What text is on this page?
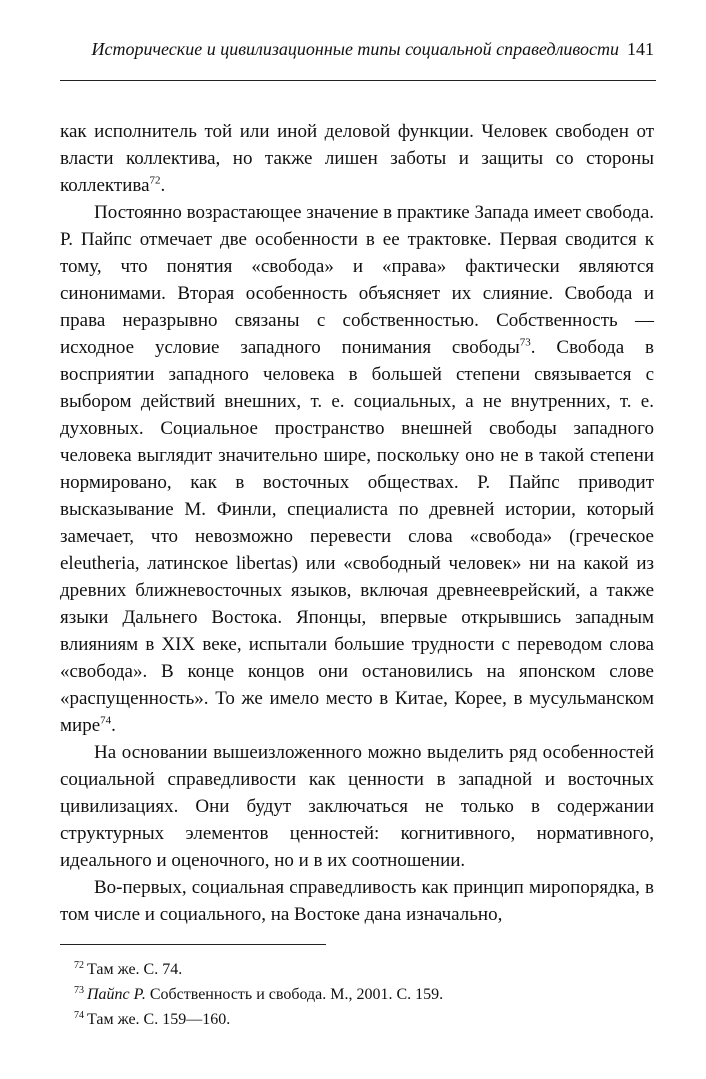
Исторические и цивилизационные типы социальной справедливости 141

как исполнитель той или иной деловой функции. Человек свободен от власти коллектива, но также лишен заботы и защиты со стороны коллектива$^{72}$.

Постоянно возрастающее значение в практике Запада имеет свобода. Р. Пайпс отмечает две особенности в ее трактовке. Первая сводится к тому, что понятия «свобода» и «права» фактически являются синонимами. Вторая особенность объясняет их слияние. Свобода и права неразрывно связаны с собственностью. Собственность — исходное условие западного понимания свободы$^{73}$. Свобода в восприятии западного человека в большей степени связывается с выбором действий внешних, т. е. социальных, а не внутренних, т. е. духовных. Социальное пространство внешней свободы западного человека выглядит значительно шире, поскольку оно не в такой степени нормировано, как в восточных обществах. Р. Пайпс приводит высказывание М. Финли, специалиста по древней истории, который замечает, что невозможно перевести слова «свобода» (греческое eleutheria, латинское libertas) или «свободный человек» ни на какой из древних ближневосточных языков, включая древнееврейский, а также языки Дальнего Востока. Японцы, впервые открывшись западным влияниям в XIX веке, испытали большие трудности с переводом слова «свобода». В конце концов они остановились на японском слове «распущенность». То же имело место в Китае, Корее, в мусульманском мире$^{74}$.

На основании вышеизложенного можно выделить ряд особенностей социальной справедливости как ценности в западной и восточных цивилизациях. Они будут заключаться не только в содержании структурных элементов ценностей: когнитивного, нормативного, идеального и оценочного, но и в их соотношении.

Во-первых, социальная справедливость как принцип миропорядка, в том числе и социального, на Востоке дана изначально,

$^{72}$ Там же. С. 74.
$^{73}$ Пайпс Р. Собственность и свобода. М., 2001. С. 159.
$^{74}$ Там же. С. 159—160.
